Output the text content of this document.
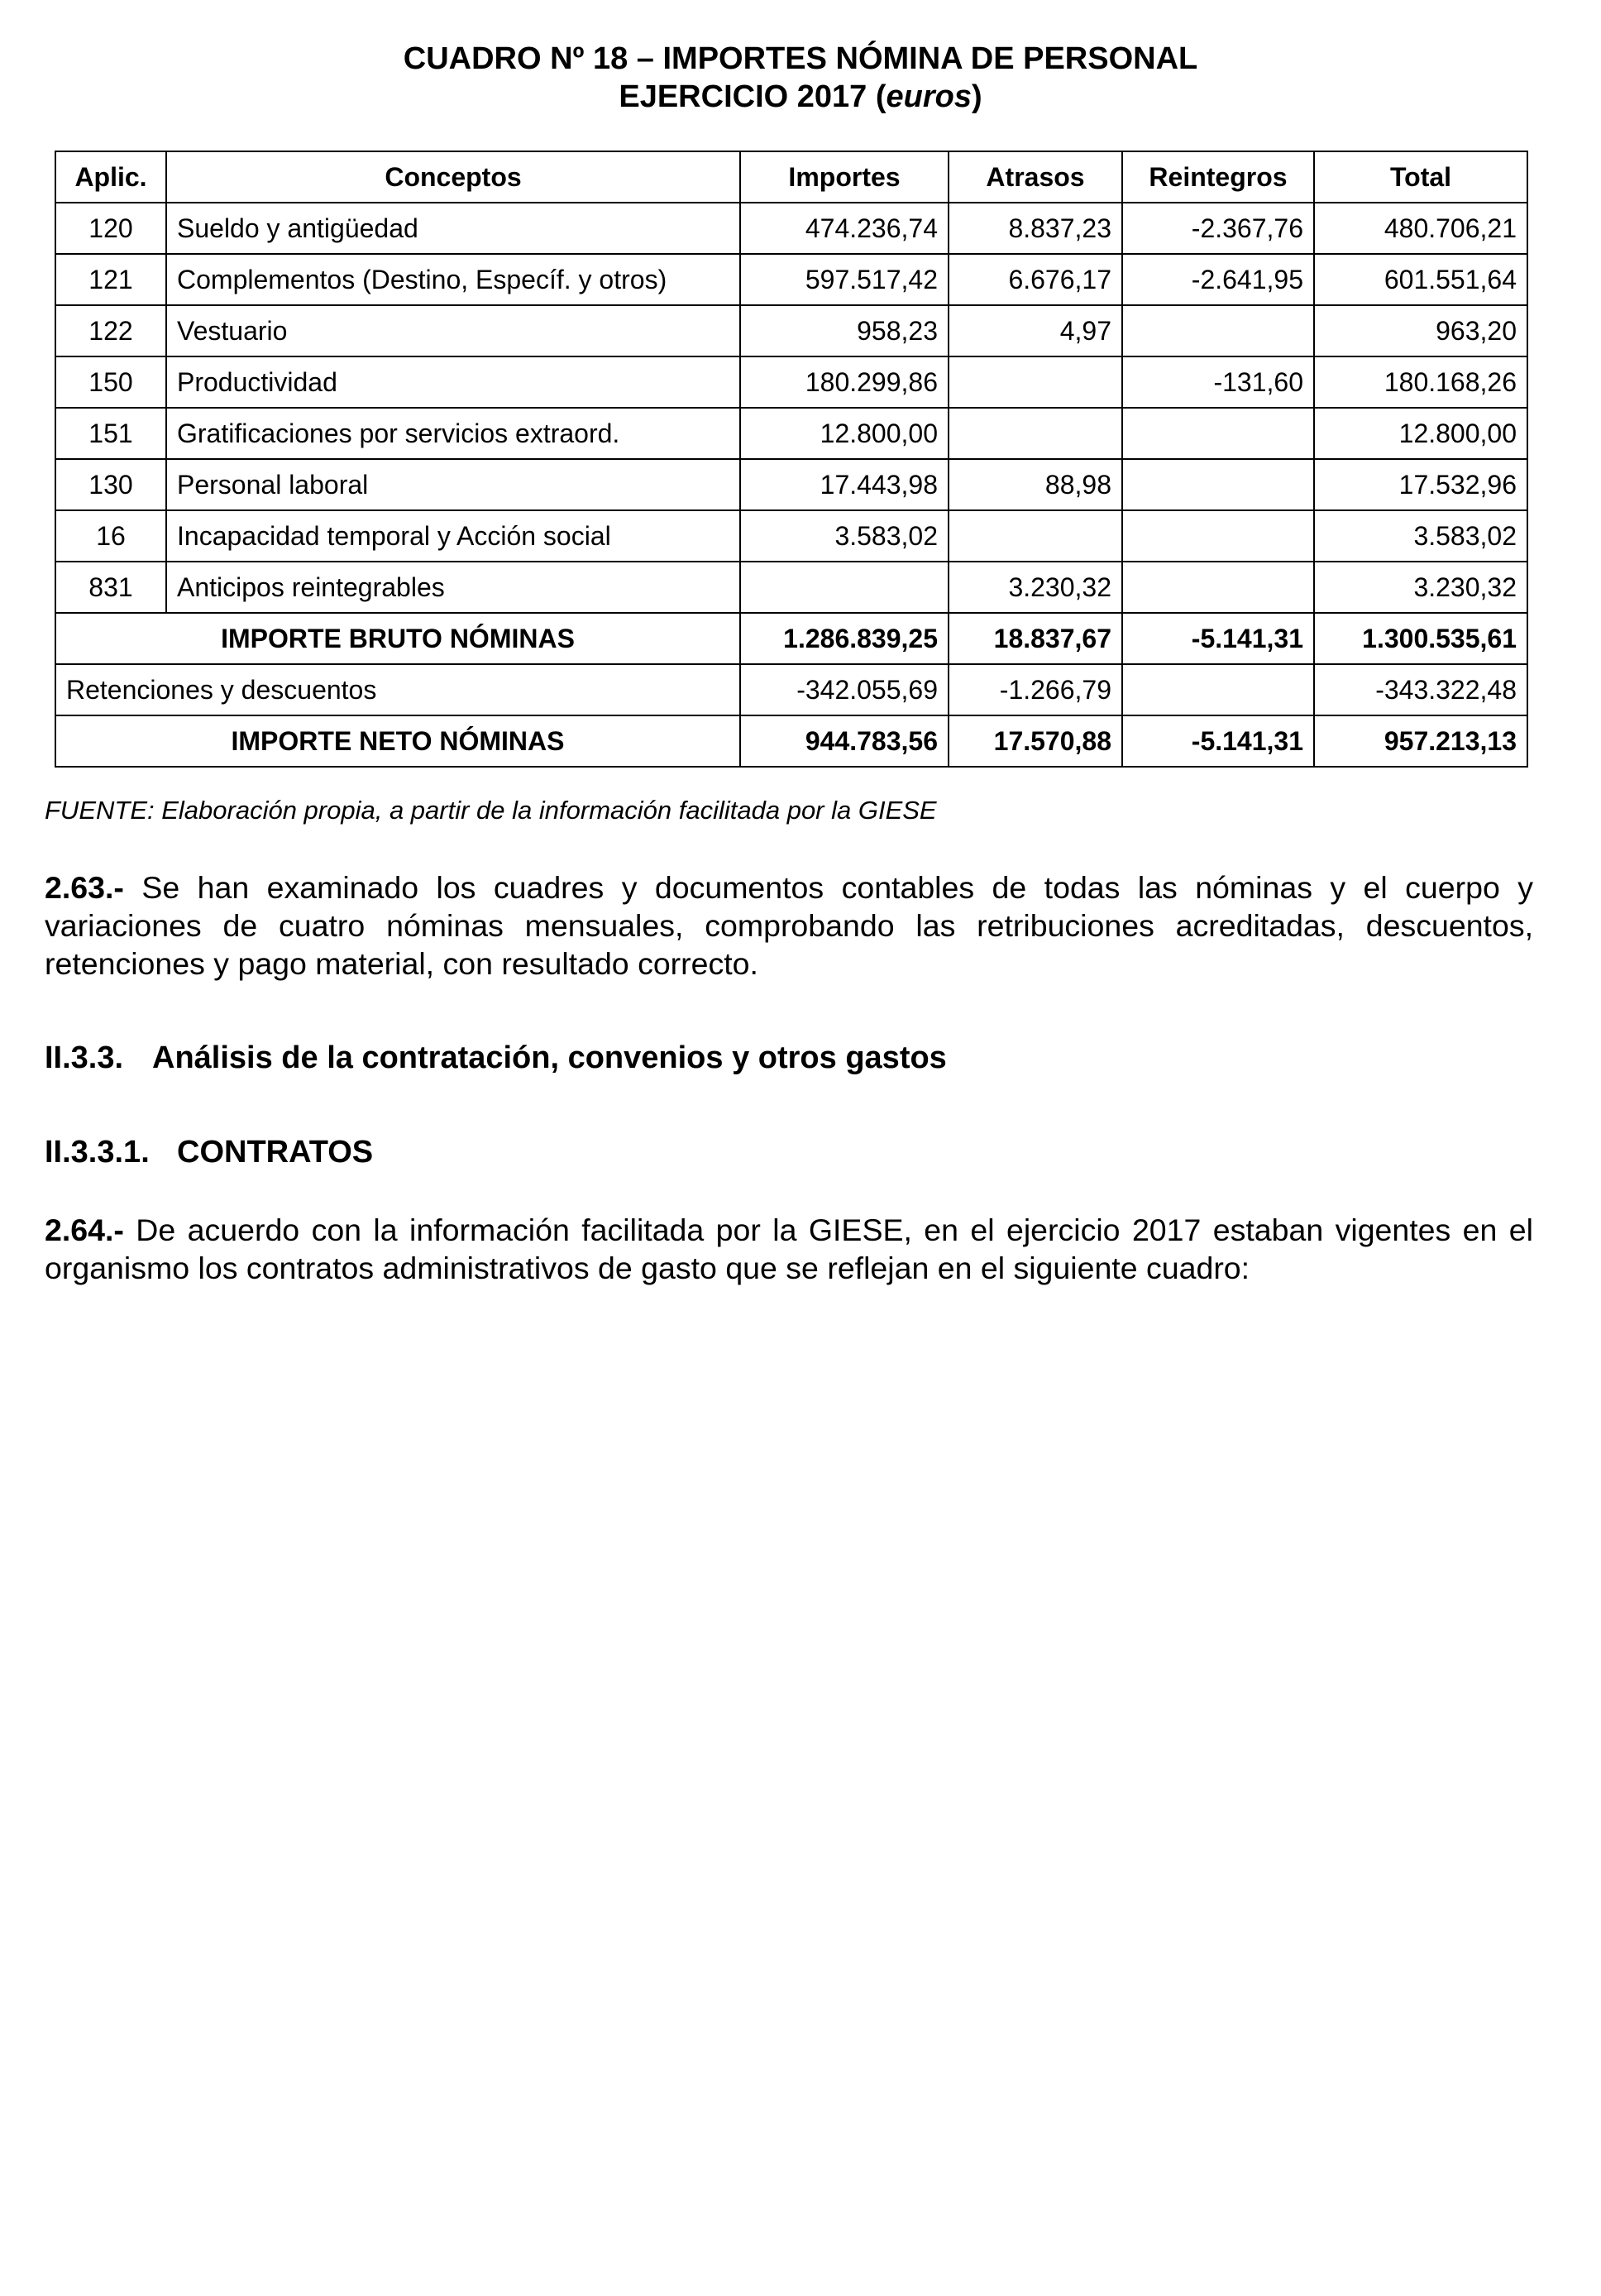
CUADRO Nº 18 – IMPORTES NÓMINA DE PERSONAL
EJERCICIO 2017 (euros)
Aplic.	Conceptos	Importes	Atrasos	Reintegros	Total
120	Sueldo y antigüedad	474.236,74	8.837,23	-2.367,76	480.706,21
121	Complementos (Destino, Específ. y otros)	597.517,42	6.676,17	-2.641,95	601.551,64
122	Vestuario	958,23	4,97		963,20
150	Productividad	180.299,86		-131,60	180.168,26
151	Gratificaciones por servicios extraord.	12.800,00			12.800,00
130	Personal laboral	17.443,98	88,98		17.532,96
16	Incapacidad temporal y Acción social	3.583,02			3.583,02
831	Anticipos reintegrables		3.230,32		3.230,32
IMPORTE BRUTO NÓMINAS		1.286.839,25	18.837,67	-5.141,31	1.300.535,61
Retenciones y descuentos		-342.055,69	-1.266,79		-343.322,48
IMPORTE NETO NÓMINAS		944.783,56	17.570,88	-5.141,31	957.213,13

FUENTE: Elaboración propia, a partir de la información facilitada por la GIESE

2.63.- Se han examinado los cuadres y documentos contables de todas las nóminas y el cuerpo y variaciones de cuatro nóminas mensuales, comprobando las retribuciones acreditadas, descuentos, retenciones y pago material, con resultado correcto.

II.3.3. Análisis de la contratación, convenios y otros gastos
II.3.3.1. CONTRATOS

2.64.- De acuerdo con la información facilitada por la GIESE, en el ejercicio 2017 estaban vigentes en el organismo los contratos administrativos de gasto que se reflejan en el siguiente cuadro:
